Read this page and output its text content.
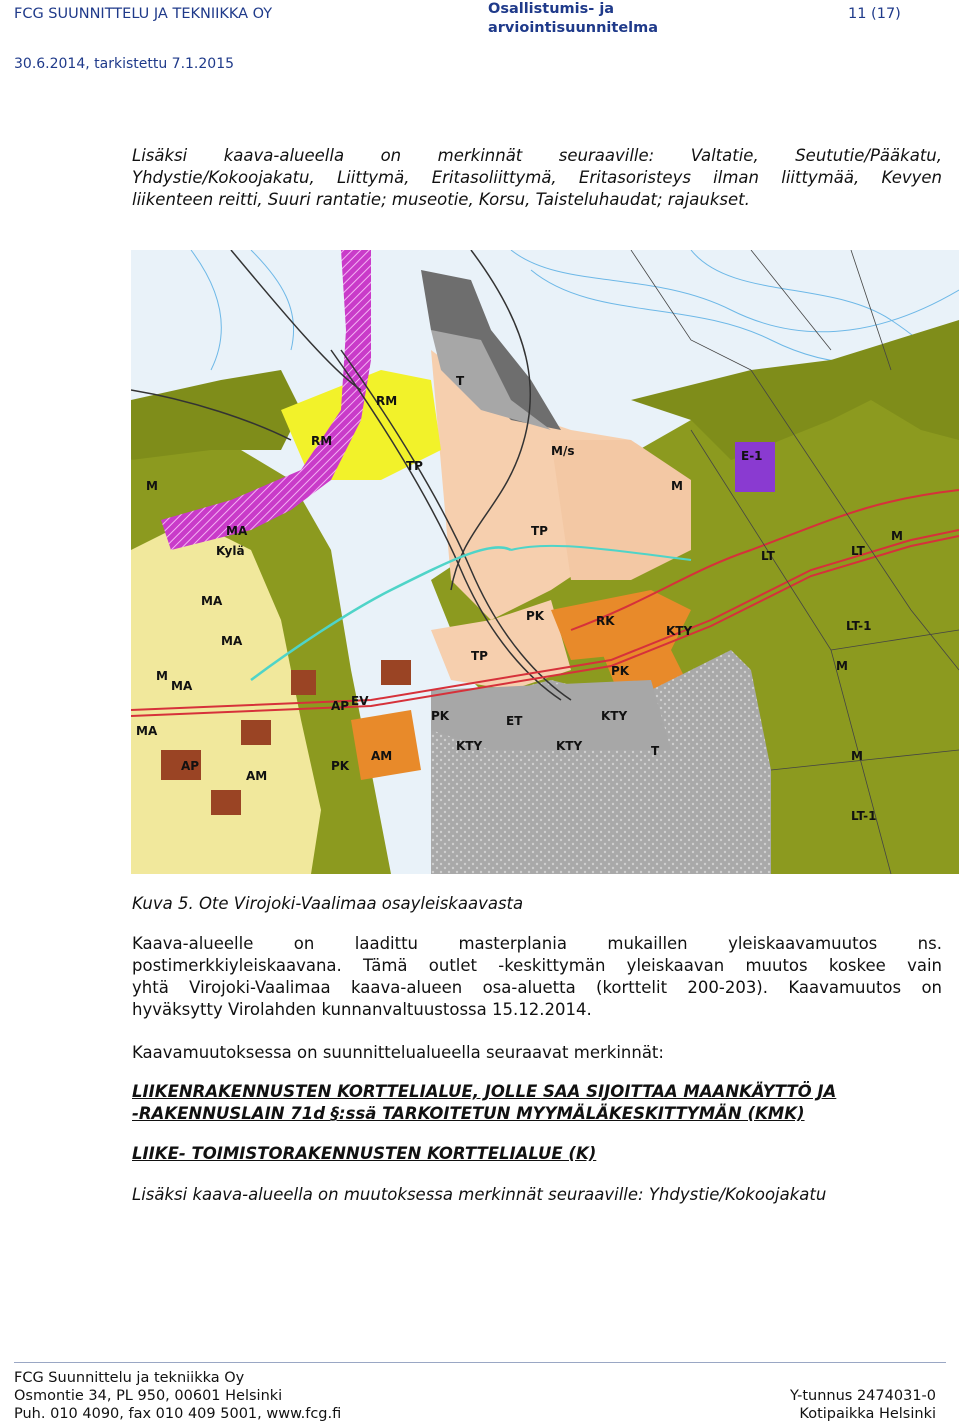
FCG SUUNNITTELU JA TEKNIIKKA OY	Osallistumis- ja
arviointisuunnitelma
11 (17)
30.6.2014, tarkistettu 7.1.2015
Lisäksi kaava-alueella on merkinnät seuraaville: Valtatie, Seututie/Pääkatu,
Yhdystie/Kokoojakatu, Liittymä, Eritasoliittymä, Eritasoristeys ilman liittymää, Kevyen
liikenteen reitti, Suuri rantatie; museotie, Korsu, Taisteluhaudat; rajaukset.
RM
RM
T
TP
TP
TP
M/s
M	M
M
M
M
M
MA
MA
MA
MA
MA
AP
AP
AM
AM
Kylä
E-1
LT	LT
LT-1
LT-1
PK
PK
PK
PK
KTY
KTY
KTY	KTY
ET
T
RK
EV
Kuva 5. Ote Virojoki-Vaalimaa osayleiskaavasta
Kaava-alueelle on laadittu masterplania mukaillen yleiskaavamuutos ns.
postimerkkiyleiskaavana. Tämä outlet -keskittymän yleiskaavan muutos koskee vain
yhtä Virojoki-Vaalimaa kaava-alueen osa-aluetta (korttelit 200-203). Kaavamuutos on
hyväksytty Virolahden kunnanvaltuustossa 15.12.2014.
Kaavamuutoksessa on suunnittelualueella seuraavat merkinnät:
LIIKENRAKENNUSTEN KORTTELIALUE, JOLLE SAA SIJOITTAA MAANKÄYTTÖ JA
-RAKENNUSLAIN 71d §:ssä TARKOITETUN MYYMÄLÄKESKITTYMÄN (KMK)
LIIKE- TOIMISTORAKENNUSTEN KORTTELIALUE (K)
Lisäksi kaava-alueella on muutoksessa merkinnät seuraaville: Yhdystie/Kokoojakatu
FCG Suunnittelu ja tekniikka Oy
Osmontie 34, PL 950, 00601 Helsinki
Puh. 010 4090, fax 010 409 5001, www.fcg.fi
Y-tunnus 2474031-0
Kotipaikka Helsinki
